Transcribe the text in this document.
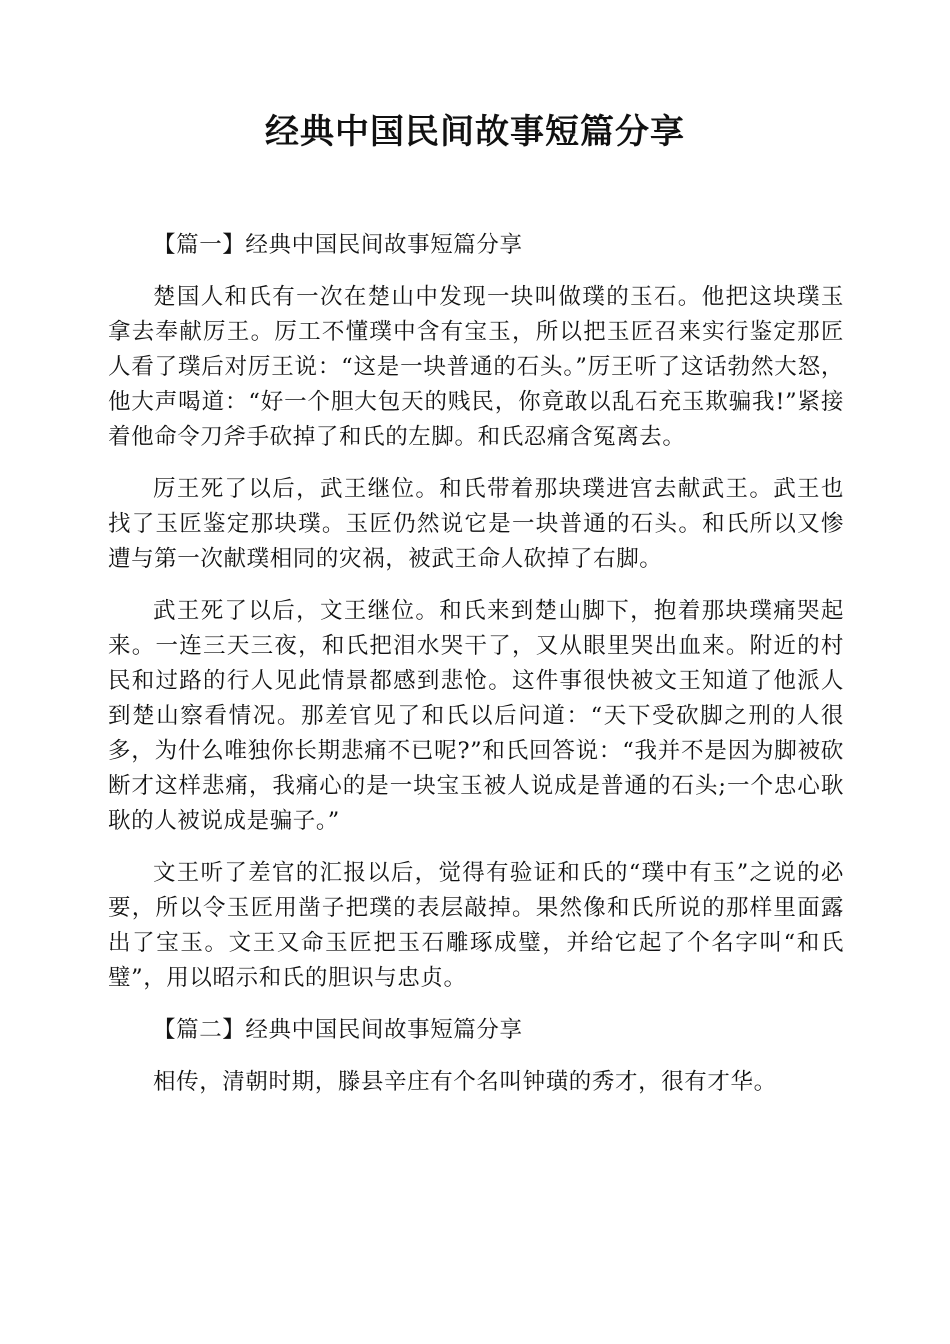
经典中国民间故事短篇分享

【篇一】经典中国民间故事短篇分享

楚国人和氏有一次在楚山中发现一块叫做璞的玉石。他把这块璞玉拿去奉献厉王。厉工不懂璞中含有宝玉，所以把玉匠召来实行鉴定那匠人看了璞后对厉王说：“这是一块普通的石头。”厉王听了这话勃然大怒，他大声喝道：“好一个胆大包天的贱民，你竟敢以乱石充玉欺骗我!”紧接着他命令刀斧手砍掉了和氏的左脚。和氏忍痛含冤离去。

厉王死了以后，武王继位。和氏带着那块璞进宫去献武王。武王也找了玉匠鉴定那块璞。玉匠仍然说它是一块普通的石头。和氏所以又惨遭与第一次献璞相同的灾祸，被武王命人砍掉了右脚。

武王死了以后，文王继位。和氏来到楚山脚下，抱着那块璞痛哭起来。一连三天三夜，和氏把泪水哭干了，又从眼里哭出血来。附近的村民和过路的行人见此情景都感到悲怆。这件事很快被文王知道了他派人到楚山察看情况。那差官见了和氏以后问道：“天下受砍脚之刑的人很多，为什么唯独你长期悲痛不已呢?”和氏回答说：“我并不是因为脚被砍断才这样悲痛，我痛心的是一块宝玉被人说成是普通的石头;一个忠心耿耿的人被说成是骗子。”

文王听了差官的汇报以后，觉得有验证和氏的“璞中有玉”之说的必要，所以令玉匠用凿子把璞的表层敲掉。果然像和氏所说的那样里面露出了宝玉。文王又命玉匠把玉石雕琢成璧，并给它起了个名字叫“和氏璧”，用以昭示和氏的胆识与忠贞。

【篇二】经典中国民间故事短篇分享

相传，清朝时期，滕县辛庄有个名叫钟璜的秀才，很有才华。
